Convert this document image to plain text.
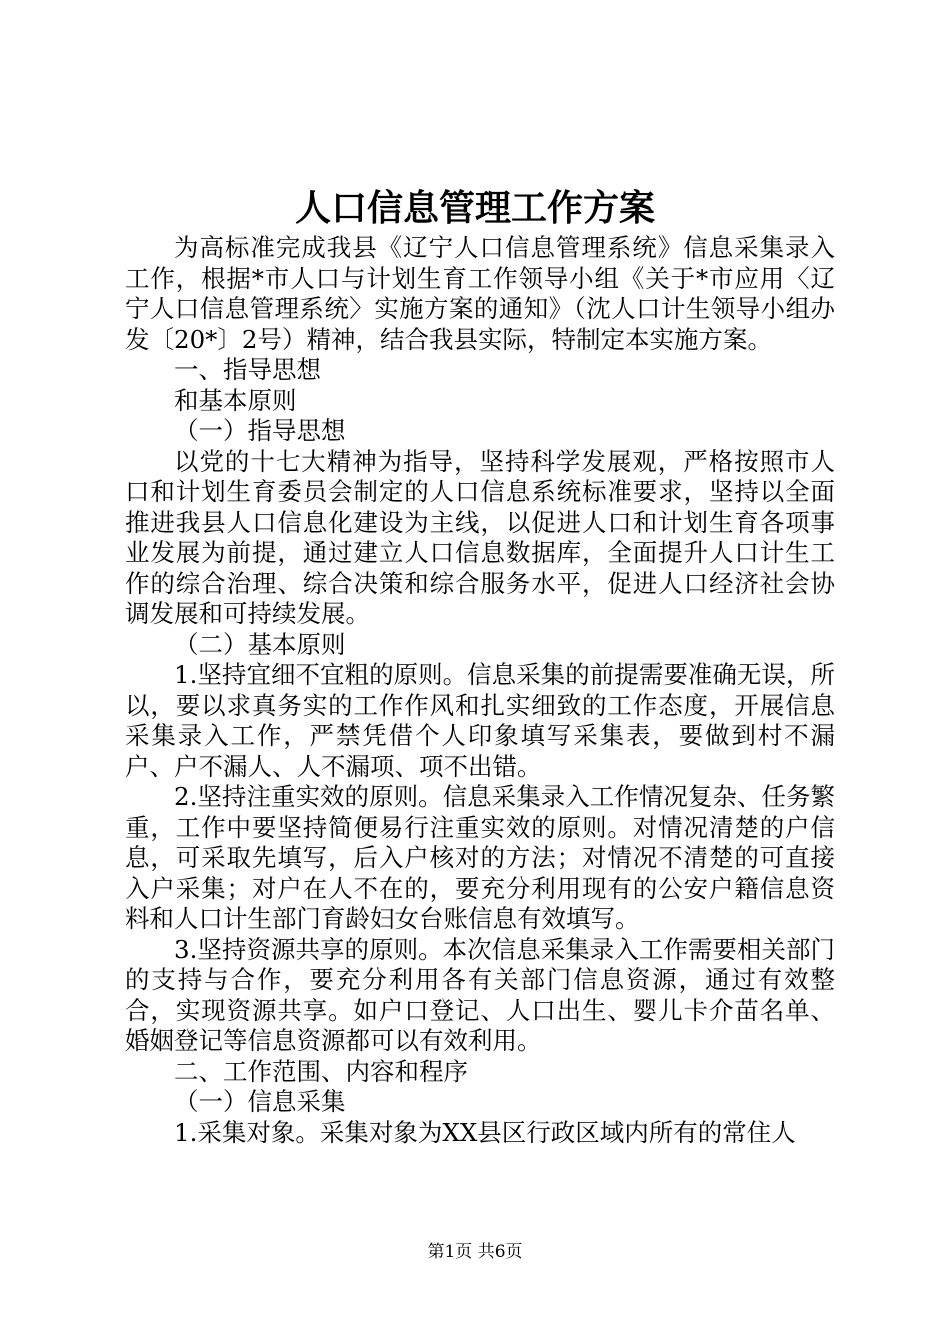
人口信息管理工作方案

为高标准完成我县《辽宁人口信息管理系统》信息采集录入工作，根据*市人口与计划生育工作领导小组《关于*市应用〈辽宁人口信息管理系统〉实施方案的通知》（沈人口计生领导小组办发〔20*〕2号）精神，结合我县实际，特制定本实施方案。

一、指导思想

和基本原则

（一）指导思想

以党的十七大精神为指导，坚持科学发展观，严格按照市人口和计划生育委员会制定的人口信息系统标准要求，坚持以全面推进我县人口信息化建设为主线，以促进人口和计划生育各项事业发展为前提，通过建立人口信息数据库，全面提升人口计生工作的综合治理、综合决策和综合服务水平，促进人口经济社会协调发展和可持续发展。

（二）基本原则

1.坚持宜细不宜粗的原则。信息采集的前提需要准确无误，所以，要以求真务实的工作作风和扎实细致的工作态度，开展信息采集录入工作，严禁凭借个人印象填写采集表，要做到村不漏户、户不漏人、人不漏项、项不出错。

2.坚持注重实效的原则。信息采集录入工作情况复杂、任务繁重，工作中要坚持简便易行注重实效的原则。对情况清楚的户信息，可采取先填写，后入户核对的方法；对情况不清楚的可直接入户采集；对户在人不在的，要充分利用现有的公安户籍信息资料和人口计生部门育龄妇女台账信息有效填写。

3.坚持资源共享的原则。本次信息采集录入工作需要相关部门的支持与合作，要充分利用各有关部门信息资源，通过有效整合，实现资源共享。如户口登记、人口出生、婴儿卡介苗名单、婚姻登记等信息资源都可以有效利用。

二、工作范围、内容和程序

（一）信息采集

1.采集对象。采集对象为XX县区行政区域内所有的常住人

第1页 共6页
